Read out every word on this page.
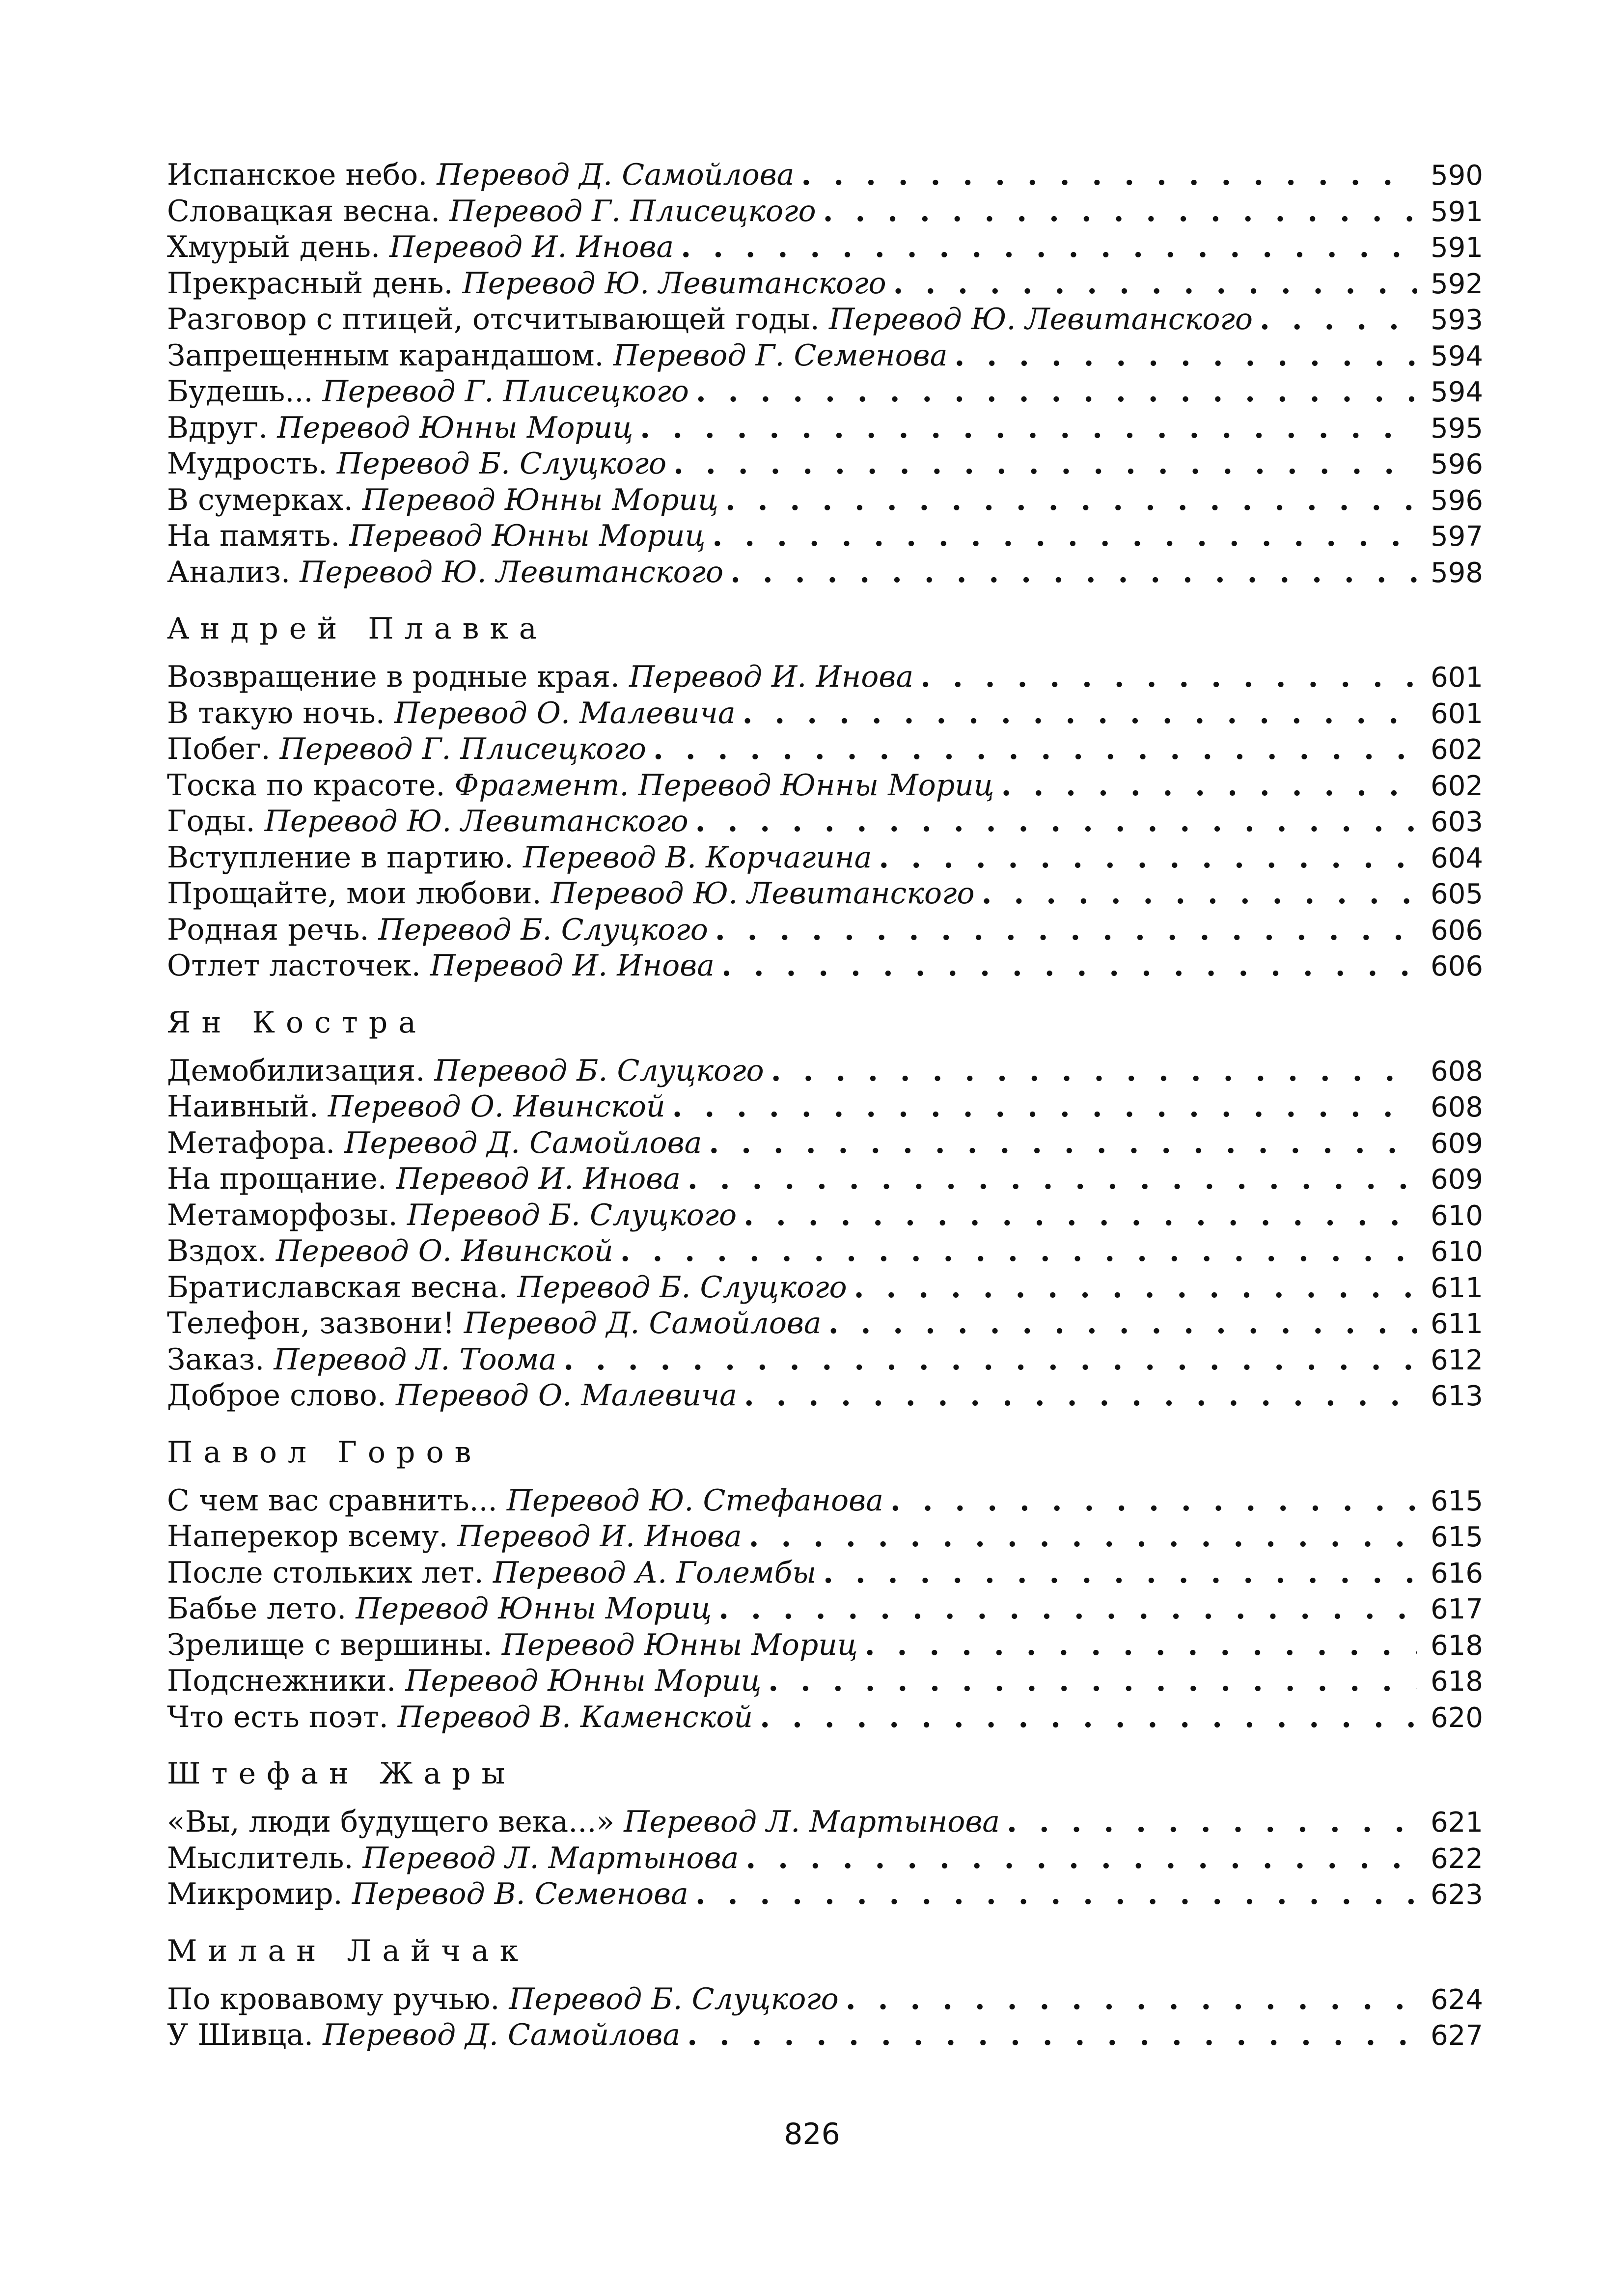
Испанское небо. Перевод Д. Самойлова . . .	590
Словацкая весна. Перевод Г. Плисецкого . . .	591
Хмурый день. Перевод И. Инова . . .	591
Прекрасный день. Перевод Ю. Левитанского . . .	592
Разговор с птицей, отсчитывающей годы. Перевод Ю. Левитанского . . .	593
Запрещенным карандашом. Перевод Г. Семенова . . .	594
Будешь... Перевод Г. Плисецкого . . .	594
Вдруг. Перевод Юнны Мориц . . .	595
Мудрость. Перевод Б. Слуцкого . . .	596
В сумерках. Перевод Юнны Мориц . . .	596
На память. Перевод Юнны Мориц . . .	597
Анализ. Перевод Ю. Левитанского . . .	598
Андрей Плавка
Возвращение в родные края. Перевод И. Инова . . .	601
В такую ночь. Перевод О. Малевича . . .	601
Побег. Перевод Г. Плисецкого . . .	602
Тоска по красоте. Фрагмент. Перевод Юнны Мориц . . .	602
Годы. Перевод Ю. Левитанского . . .	603
Вступление в партию. Перевод В. Корчагина . . .	604
Прощайте, мои любови. Перевод Ю. Левитанского . . .	605
Родная речь. Перевод Б. Слуцкого . . .	606
Отлет ласточек. Перевод И. Инова . . .	606
Ян Костра
Демобилизация. Перевод Б. Слуцкого . . .	608
Наивный. Перевод О. Ивинской . . .	608
Метафора. Перевод Д. Самойлова . . .	609
На прощание. Перевод И. Инова . . .	609
Метаморфозы. Перевод Б. Слуцкого . . .	610
Вздох. Перевод О. Ивинской . . .	610
Братиславская весна. Перевод Б. Слуцкого . . .	611
Телефон, зазвони! Перевод Д. Самойлова . . .	611
Заказ. Перевод Л. Тоома . . .	612
Доброе слово. Перевод О. Малевича . . .	613
Павол Горов
С чем вас сравнить... Перевод Ю. Стефанова . . .	615
Наперекор всему. Перевод И. Инова . . .	615
После стольких лет. Перевод А. Голембы . . .	616
Бабье лето. Перевод Юнны Мориц . . .	617
Зрелище с вершины. Перевод Юнны Мориц . . .	618
Подснежники. Перевод Юнны Мориц . . .	618
Что есть поэт. Перевод В. Каменской . . .	620
Штефан Жары
«Вы, люди будущего века...» Перевод Л. Мартынова . . .	621
Мыслитель. Перевод Л. Мартынова . . .	622
Микромир. Перевод В. Семенова . . .	623
Милан Лайчак
По кровавому ручью. Перевод Б. Слуцкого . . .	624
У Шивца. Перевод Д. Самойлова . . .	627
826
